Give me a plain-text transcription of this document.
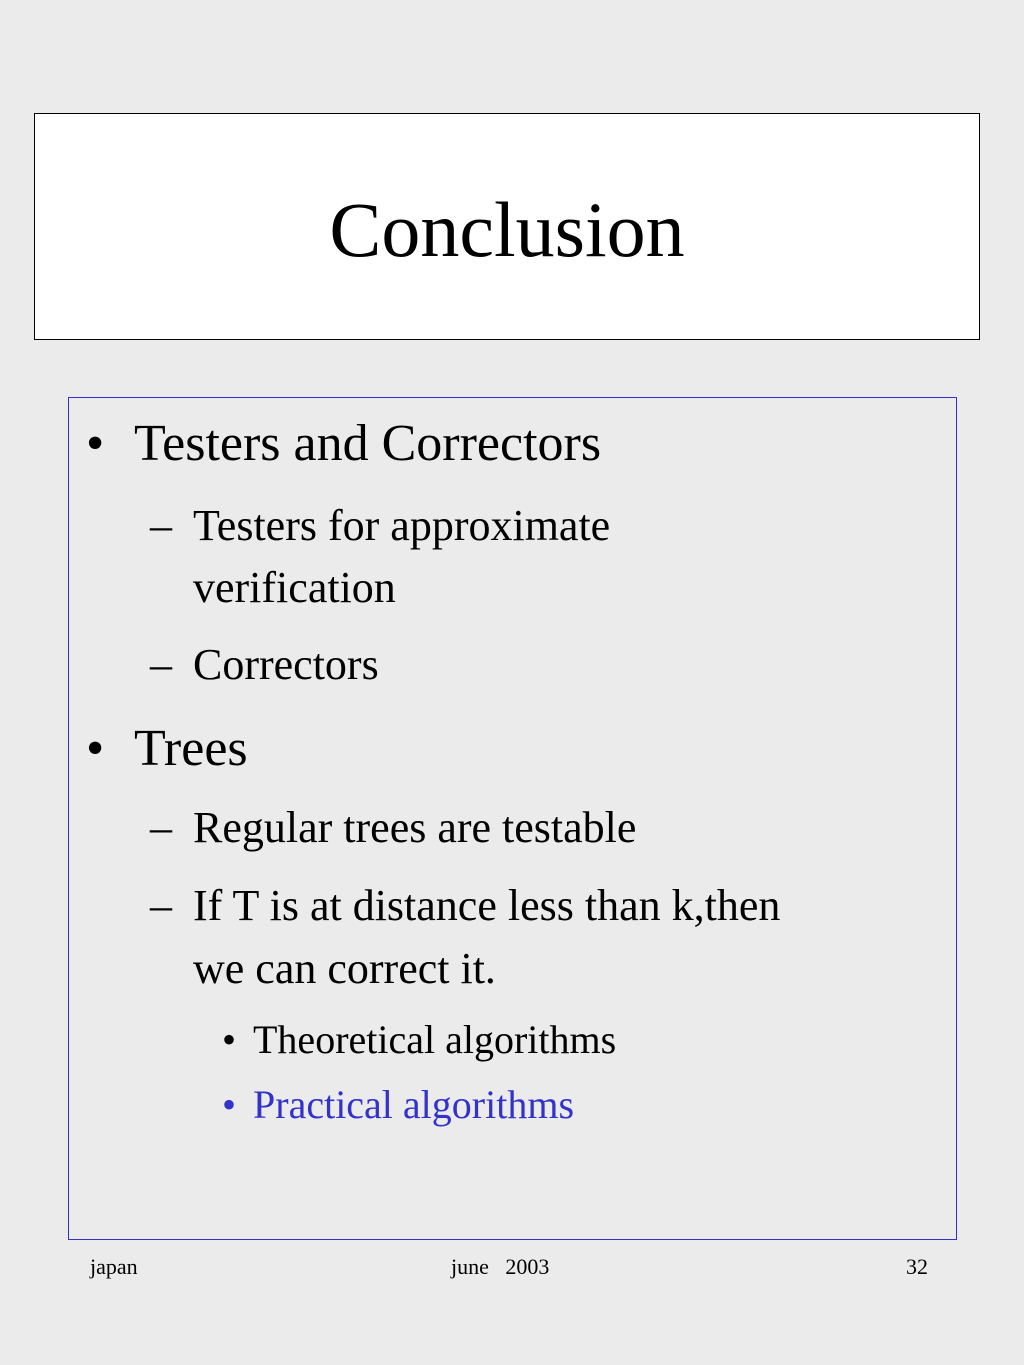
Conclusion
• Testers and Correctors
– Testers for approximate
verification
– Correctors
• Trees
– Regular trees are testable
– If T is at distance less than k,then
we can correct it.
• Theoretical algorithms
• Practical algorithms
japan	june   2003	32
